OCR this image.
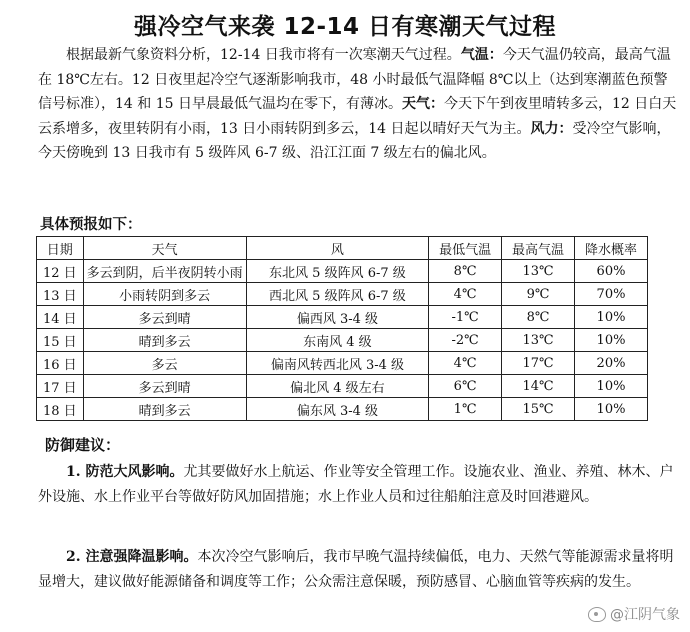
强冷空气来袭 12-14 日有寒潮天气过程
根据最新气象资料分析，12-14 日我市将有一次寒潮天气过程。气温：今天气温仍较高，最高气温在 18℃左右。12 日夜里起冷空气逐渐影响我市，48 小时最低气温降幅 8℃以上（达到寒潮蓝色预警信号标准），14 和 15 日早晨最低气温均在零下，有薄冰。天气：今天下午到夜里晴转多云，12 日白天云系增多，夜里转阴有小雨，13 日小雨转阴到多云，14 日起以晴好天气为主。风力：受冷空气影响，今天傍晚到 13 日我市有 5 级阵风 6-7 级、沿江江面 7 级左右的偏北风。
具体预报如下：
日期	天气	风	最低气温	最高气温	降水概率
12 日	多云到阴，后半夜阴转小雨	东北风 5 级阵风 6-7 级	8℃	13℃	60%
13 日	小雨转阴到多云	西北风 5 级阵风 6-7 级	4℃	9℃	70%
14 日	多云到晴	偏西风 3-4 级	-1℃	8℃	10%
15 日	晴到多云	东南风 4 级	-2℃	13℃	10%
16 日	多云	偏南风转西北风 3-4 级	4℃	17℃	20%
17 日	多云到晴	偏北风 4 级左右	6℃	14℃	10%
18 日	晴到多云	偏东风 3-4 级	1℃	15℃	10%
防御建议：
1. 防范大风影响。尤其要做好水上航运、作业等安全管理工作。设施农业、渔业、养殖、林木、户外设施、水上作业平台等做好防风加固措施；水上作业人员和过往船舶注意及时回港避风。
2. 注意强降温影响。本次冷空气影响后，我市早晚气温持续偏低，电力、天然气等能源需求量将明显增大，建议做好能源储备和调度等工作；公众需注意保暖，预防感冒、心脑血管等疾病的发生。
@江阴气象
